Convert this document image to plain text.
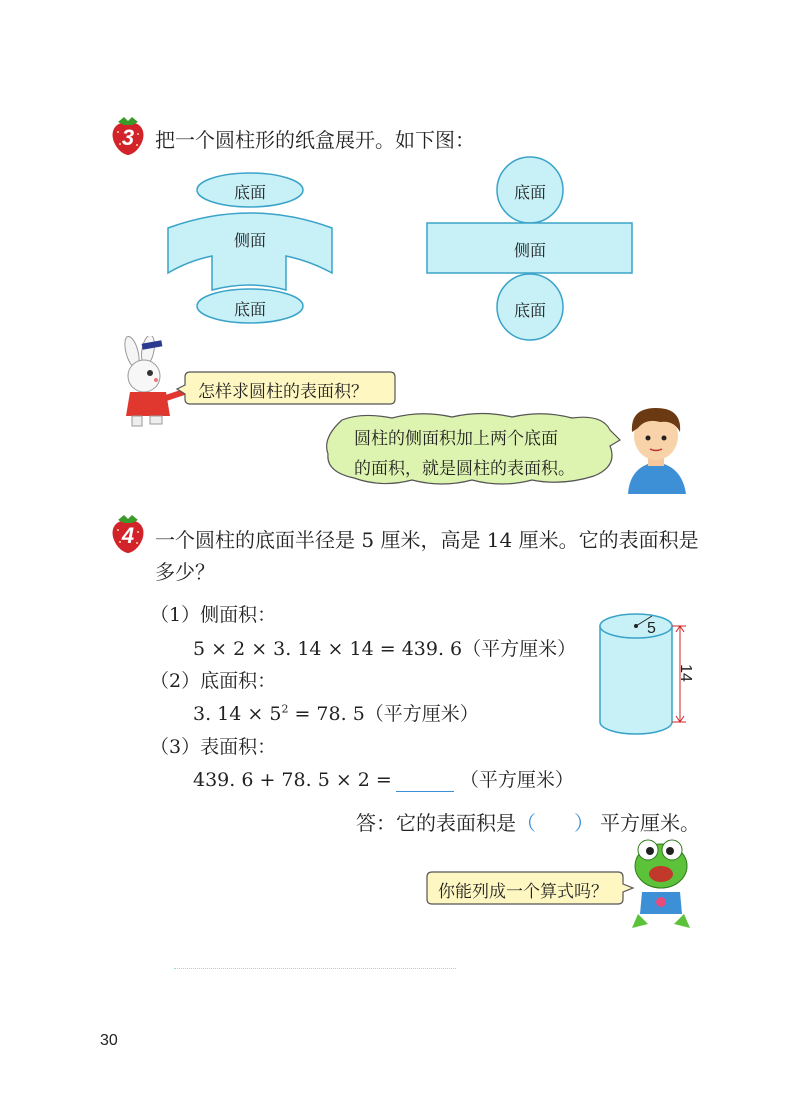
3	把一个圆柱形的纸盒展开。如下图：
底面
侧面
底面
底面
侧面
底面
怎样求圆柱的表面积？
圆柱的侧面积加上两个底面
的面积，就是圆柱的表面积。
4	一个圆柱的底面半径是 5 厘米，高是 14 厘米。它的表面积是
多少？
（1）侧面积：
5 × 2 × 3. 14 × 14 = 439. 6（平方厘米）
（2）底面积：
3. $14 \times 5^2 = 78$. 5（平方厘米）
（3）表面积：
439. 6 + 78. 5 × 2 =	（平方厘米）
5
14
答：它的表面积是（ ） 平方厘米。
你能列成一个算式吗？
30
